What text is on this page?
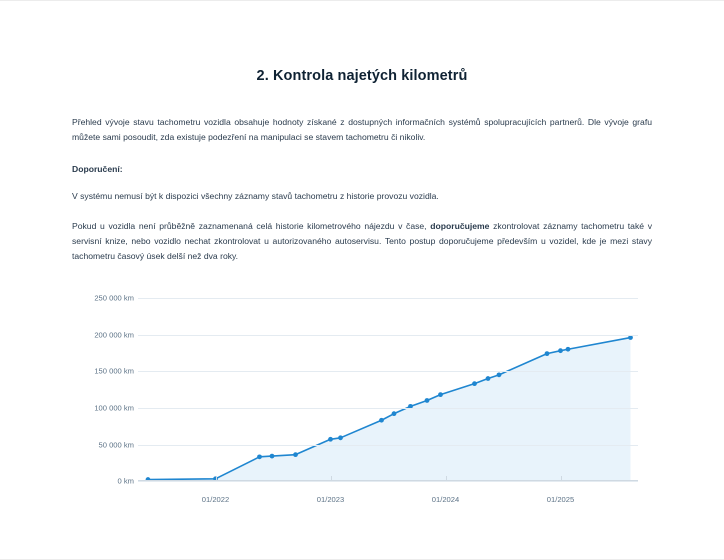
2. Kontrola najetých kilometrů

Přehled vývoje stavu tachometru vozidla obsahuje hodnoty získané z dostupných informačních systémů spolupracujících partnerů. Dle vývoje grafu můžete sami posoudit, zda existuje podezření na manipulaci se stavem tachometru či nikoliv.

Doporučení:

V systému nemusí být k dispozici všechny záznamy stavů tachometru z historie provozu vozidla.

Pokud u vozidla není průběžně zaznamenaná celá historie kilometrového nájezdu v čase, doporučujeme zkontrolovat záznamy tachometru také v servisní knize, nebo vozidlo nechat zkontrolovat u autorizovaného autoservisu. Tento postup doporučujeme především u vozidel, kde je mezi stavy tachometru časový úsek delší než dva roky.

0 km
50 000 km
100 000 km
150 000 km
200 000 km
250 000 km
01/2022	01/2023	01/2024	01/2025
